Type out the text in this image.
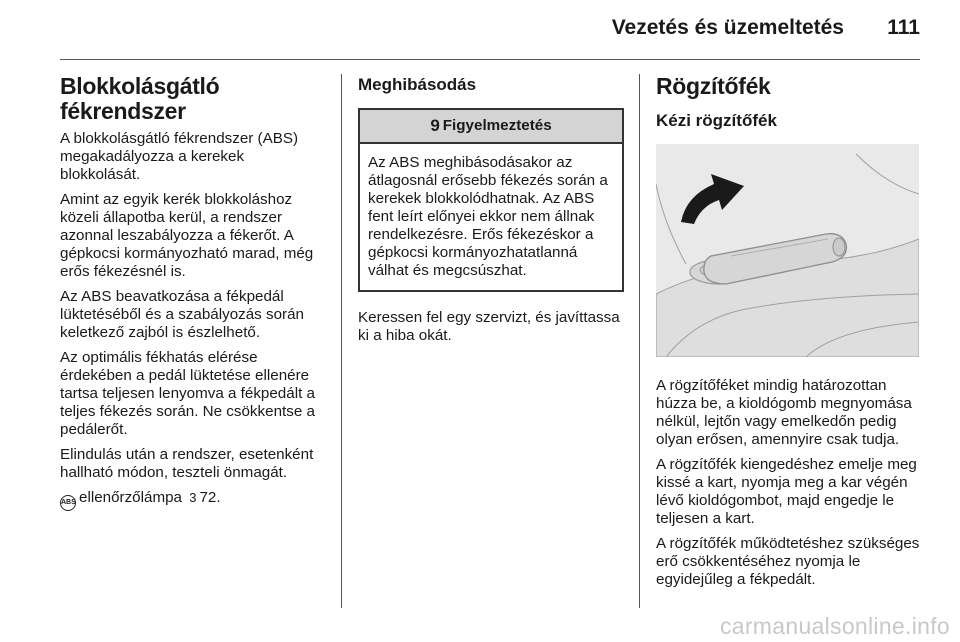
Vezetés és üzemeltetés 111
Blokkolásgátló fékrendszer

A blokkolásgátló fékrendszer (ABS) megakadályozza a kerekek blokkolását.

Amint az egyik kerék blokkoláshoz közeli állapotba kerül, a rendszer azonnal leszabályozza a fékerőt. A gépkocsi kormányozható marad, még erős fékezésnél is.

Az ABS beavatkozása a fékpedál lüktetéséből és a szabályozás során keletkező zajból is észlelhető.

Az optimális fékhatás elérése érdekében a pedál lüktetése ellenére tartsa teljesen lenyomva a fékpedált a teljes fékezés során. Ne csökkentse a pedálerőt.

Elindulás után a rendszer, esetenként hallható módon, teszteli önmagát.

ABS ellenőrzőlámpa 3 72.

Meghibásodás
9 Figyelmeztetés
Az ABS meghibásodásakor az átlagosnál erősebb fékezés során a kerekek blokkolódhatnak. Az ABS fent leírt előnyei ekkor nem állnak rendelkezésre. Erős fékezéskor a gépkocsi kormányozhatatlanná válhat és megcsúszhat.

Keressen fel egy szervizt, és javíttassa ki a hiba okát.

Rögzítőfék
Kézi rögzítőfék

A rögzítőféket mindig határozottan húzza be, a kioldógomb megnyomása nélkül, lejtőn vagy emelkedőn pedig olyan erősen, amennyire csak tudja.

A rögzítőfék kiengedéshez emelje meg kissé a kart, nyomja meg a kar végén lévő kioldógombot, majd engedje le teljesen a kart.

A rögzítőfék működtetéshez szükséges erő csökkentéséhez nyomja le egyidejűleg a fékpedált.

carmanualsonline.info
